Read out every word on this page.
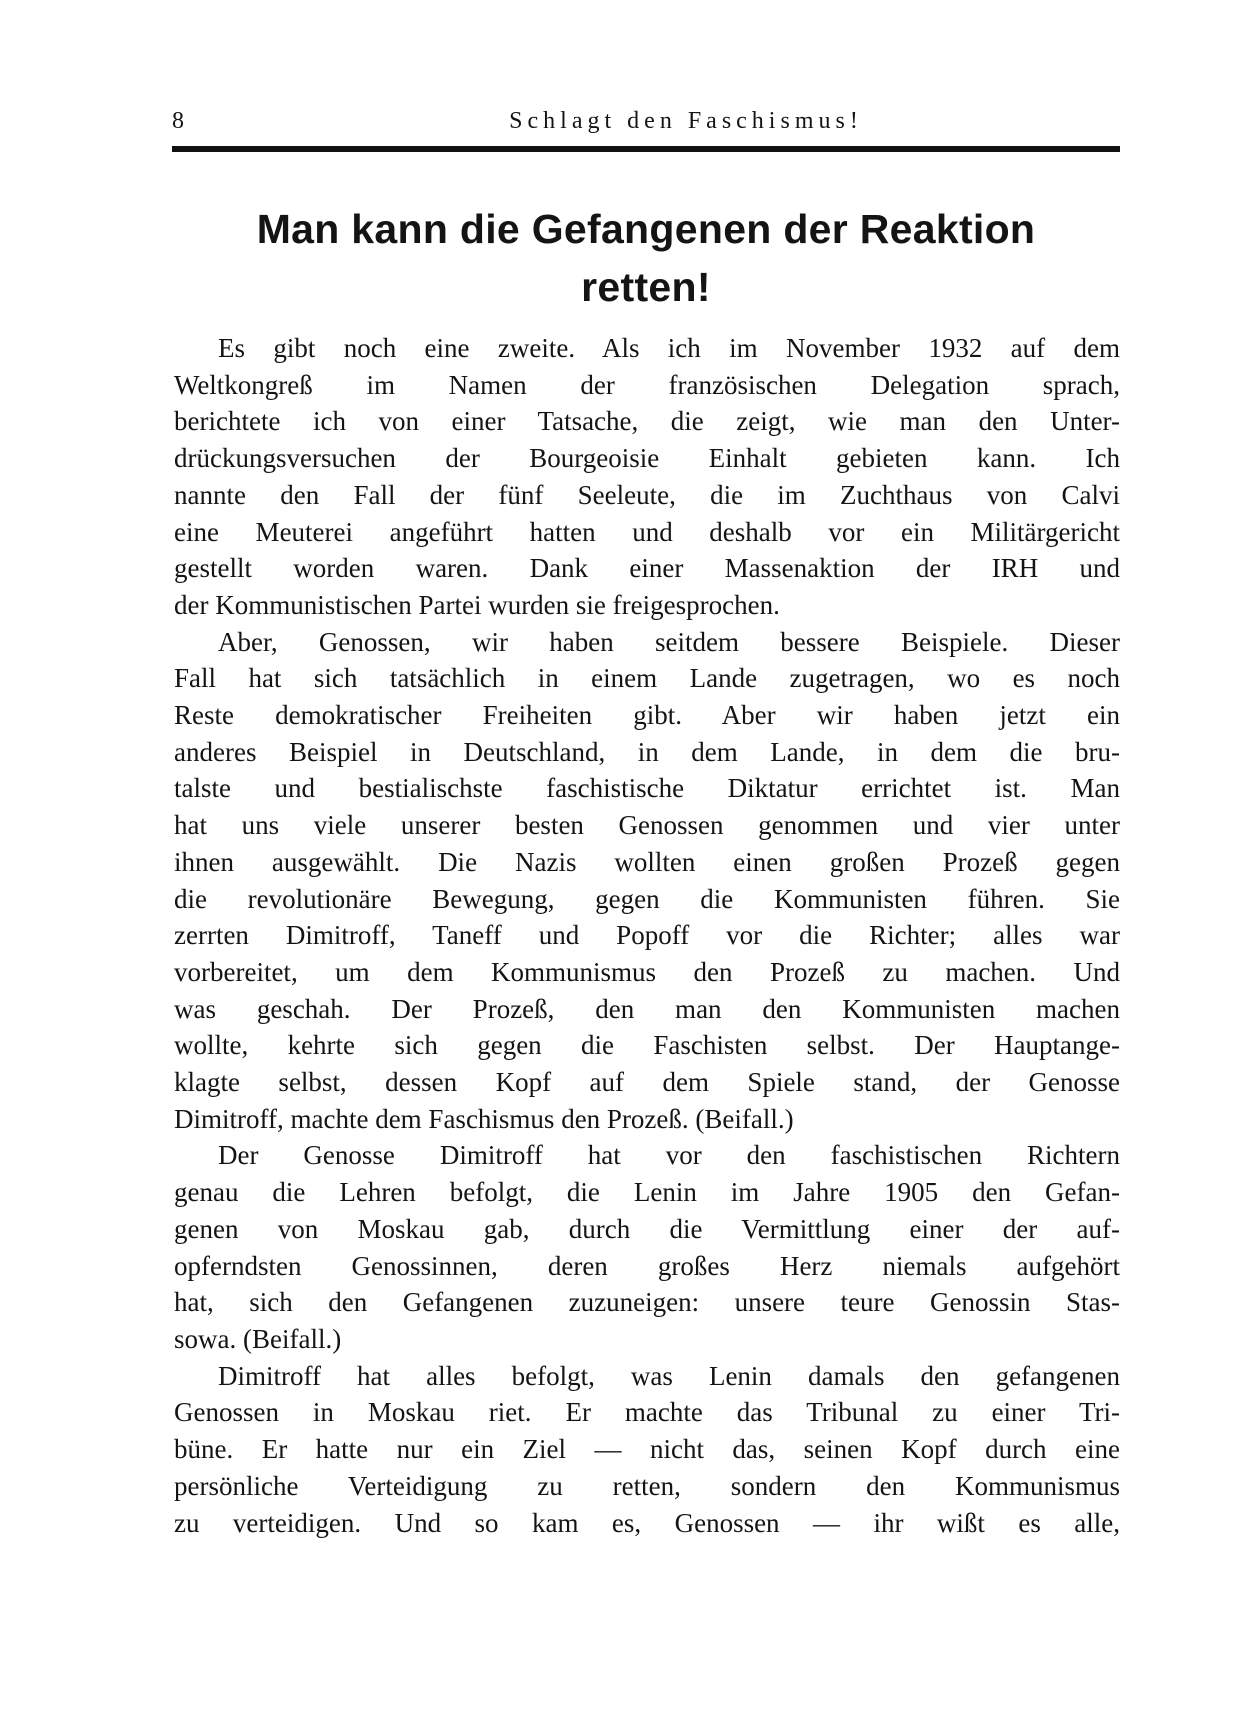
8	Schlagt den Faschismus!
Man kann die Gefangenen der Reaktion
retten!
Es gibt noch eine zweite. Als ich im November 1932 auf dem
Weltkongreß im Namen der französischen Delegation sprach,
berichtete ich von einer Tatsache, die zeigt, wie man den Unter-
drückungsversuchen der Bourgeoisie Einhalt gebieten kann. Ich
nannte den Fall der fünf Seeleute, die im Zuchthaus von Calvi
eine Meuterei angeführt hatten und deshalb vor ein Militärgericht
gestellt worden waren. Dank einer Massenaktion der IRH und
der Kommunistischen Partei wurden sie freigesprochen.
Aber, Genossen, wir haben seitdem bessere Beispiele. Dieser
Fall hat sich tatsächlich in einem Lande zugetragen, wo es noch
Reste demokratischer Freiheiten gibt. Aber wir haben jetzt ein
anderes Beispiel in Deutschland, in dem Lande, in dem die bru-
talste und bestialischste faschistische Diktatur errichtet ist. Man
hat uns viele unserer besten Genossen genommen und vier unter
ihnen ausgewählt. Die Nazis wollten einen großen Prozeß gegen
die revolutionäre Bewegung, gegen die Kommunisten führen. Sie
zerrten Dimitroff, Taneff und Popoff vor die Richter; alles war
vorbereitet, um dem Kommunismus den Prozeß zu machen. Und
was geschah. Der Prozeß, den man den Kommunisten machen
wollte, kehrte sich gegen die Faschisten selbst. Der Hauptange-
klagte selbst, dessen Kopf auf dem Spiele stand, der Genosse
Dimitroff, machte dem Faschismus den Prozeß. (Beifall.)
Der Genosse Dimitroff hat vor den faschistischen Richtern
genau die Lehren befolgt, die Lenin im Jahre 1905 den Gefan-
genen von Moskau gab, durch die Vermittlung einer der auf-
opferndsten Genossinnen, deren großes Herz niemals aufgehört
hat, sich den Gefangenen zuzuneigen: unsere teure Genossin Stas-
sowa. (Beifall.)
Dimitroff hat alles befolgt, was Lenin damals den gefangenen
Genossen in Moskau riet. Er machte das Tribunal zu einer Tri-
büne. Er hatte nur ein Ziel — nicht das, seinen Kopf durch eine
persönliche Verteidigung zu retten, sondern den Kommunismus
zu verteidigen. Und so kam es, Genossen — ihr wißt es alle,
